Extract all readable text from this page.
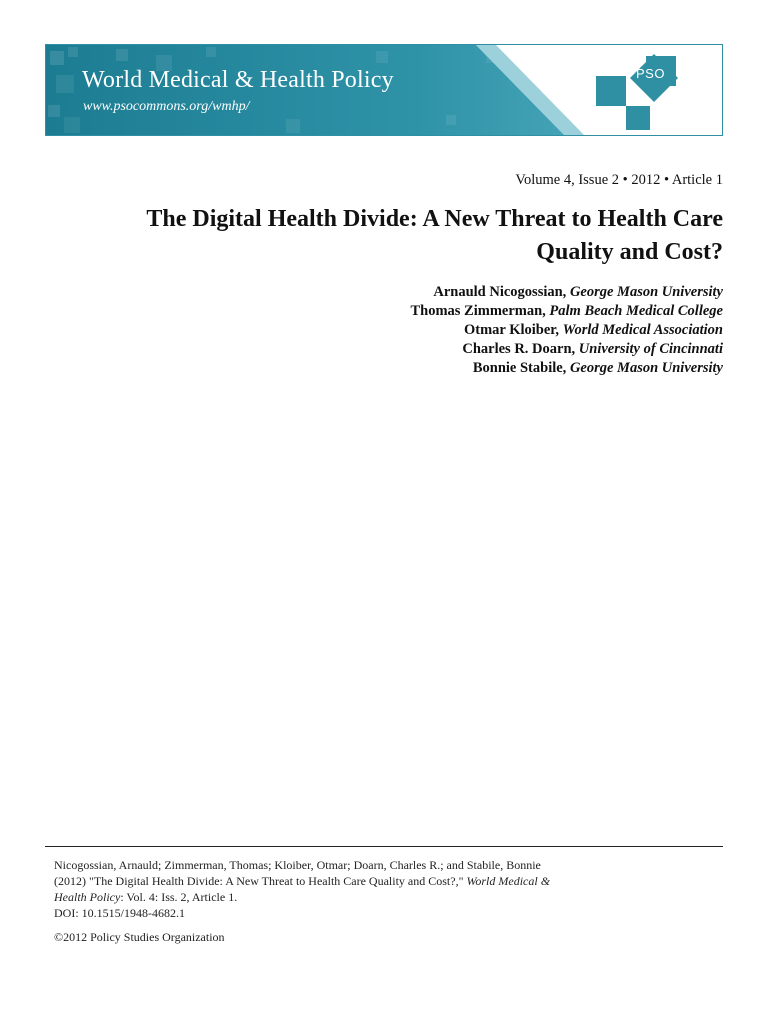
World Medical & Health Policy
www.psocommons.org/wmhp/
PSO
Volume 4, Issue 2 • 2012 • Article 1
The Digital Health Divide: A New Threat to Health Care
Quality and Cost?
Arnauld Nicogossian, George Mason University
Thomas Zimmerman, Palm Beach Medical College
Otmar Kloiber, World Medical Association
Charles R. Doarn, University of Cincinnati
Bonnie Stabile, George Mason University
Nicogossian, Arnauld; Zimmerman, Thomas; Kloiber, Otmar; Doarn, Charles R.; and Stabile, Bonnie (2012) "The Digital Health Divide: A New Threat to Health Care Quality and Cost?," World Medical & Health Policy: Vol. 4: Iss. 2, Article 1.
DOI: 10.1515/1948-4682.1
©2012 Policy Studies Organization
